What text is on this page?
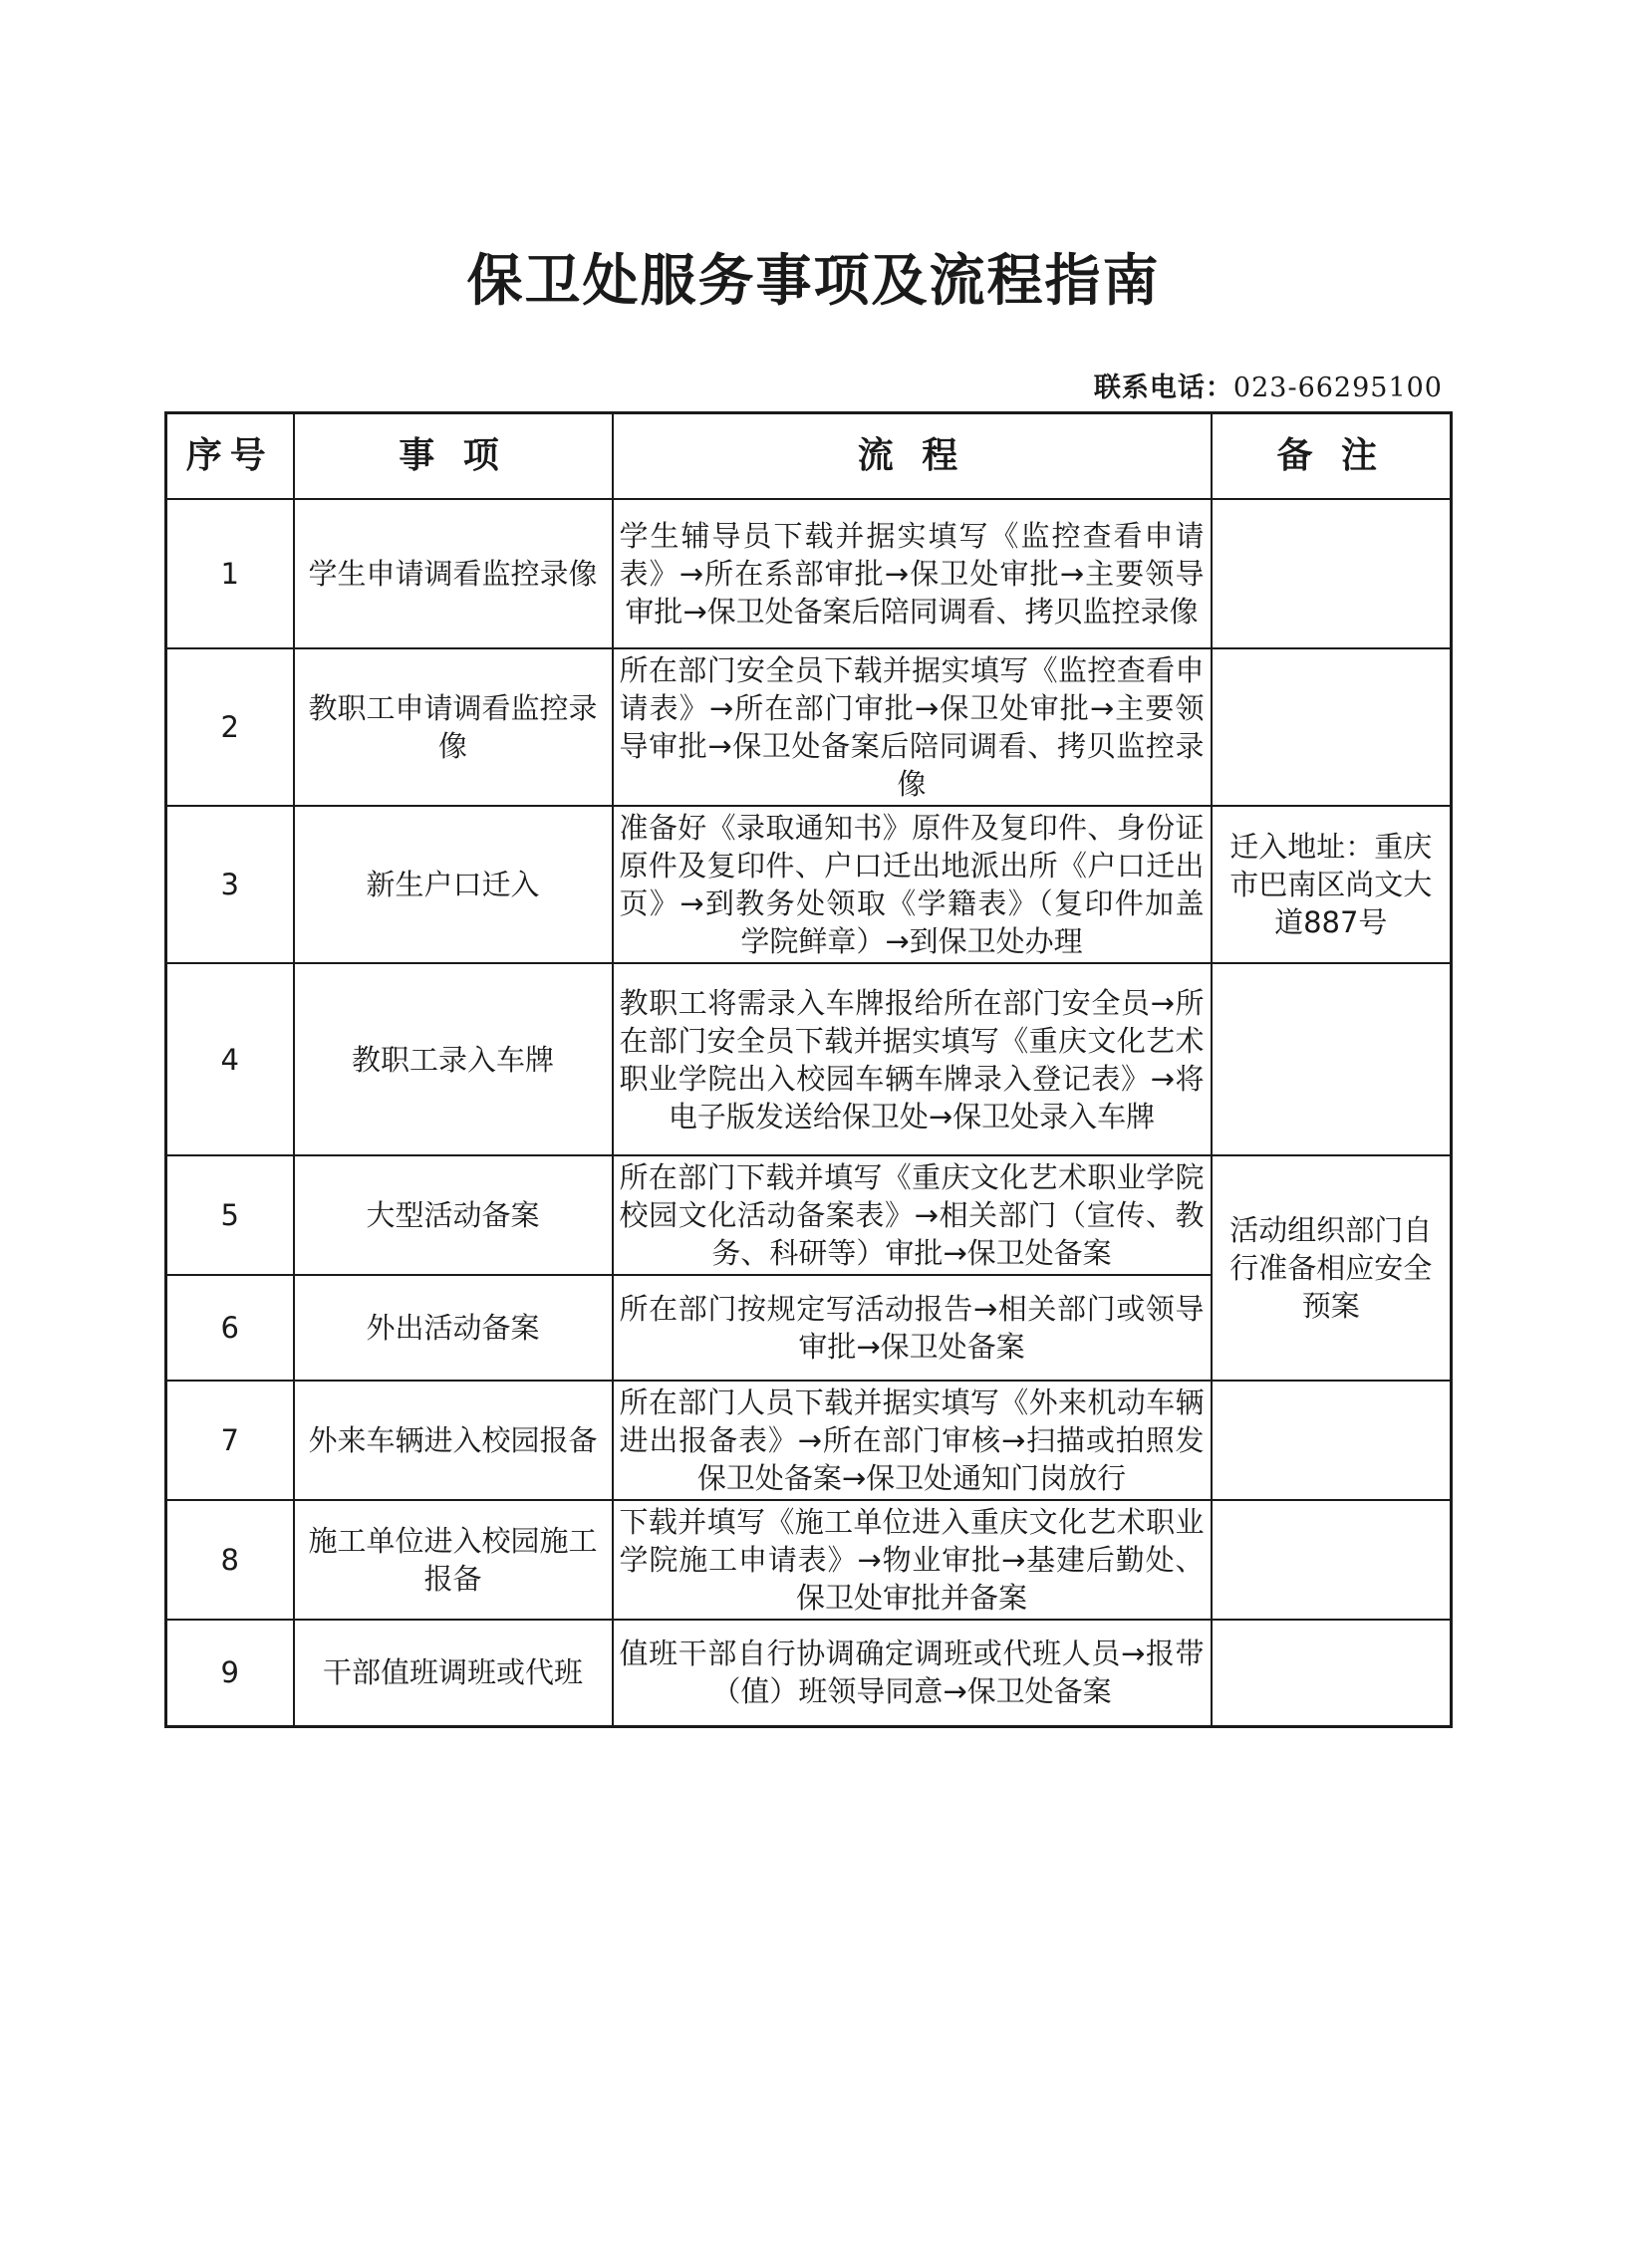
保卫处服务事项及流程指南
联系电话：023-66295100
序号	事 项	流 程	备 注
1	学生申请调看监控录像	学生辅导员下载并据实填写《监控查看申请表》→所在系部审批→保卫处审批→主要领导审批→保卫处备案后陪同调看、拷贝监控录像	
2	教职工申请调看监控录像	所在部门安全员下载并据实填写《监控查看申请表》→所在部门审批→保卫处审批→主要领导审批→保卫处备案后陪同调看、拷贝监控录像	
3	新生户口迁入	准备好《录取通知书》原件及复印件、身份证原件及复印件、户口迁出地派出所《户口迁出页》→到教务处领取《学籍表》（复印件加盖学院鲜章）→到保卫处办理	迁入地址：重庆市巴南区尚文大道887号
4	教职工录入车牌	教职工将需录入车牌报给所在部门安全员→所在部门安全员下载并据实填写《重庆文化艺术职业学院出入校园车辆车牌录入登记表》→将电子版发送给保卫处→保卫处录入车牌	
5	大型活动备案	所在部门下载并填写《重庆文化艺术职业学院校园文化活动备案表》→相关部门（宣传、教务、科研等）审批→保卫处备案	活动组织部门自行准备相应安全预案
6	外出活动备案	所在部门按规定写活动报告→相关部门或领导审批→保卫处备案	
7	外来车辆进入校园报备	所在部门人员下载并据实填写《外来机动车辆进出报备表》→所在部门审核→扫描或拍照发保卫处备案→保卫处通知门岗放行	
8	施工单位进入校园施工报备	下载并填写《施工单位进入重庆文化艺术职业学院施工申请表》→物业审批→基建后勤处、保卫处审批并备案	
9	干部值班调班或代班	值班干部自行协调确定调班或代班人员→报带（值）班领导同意→保卫处备案	
